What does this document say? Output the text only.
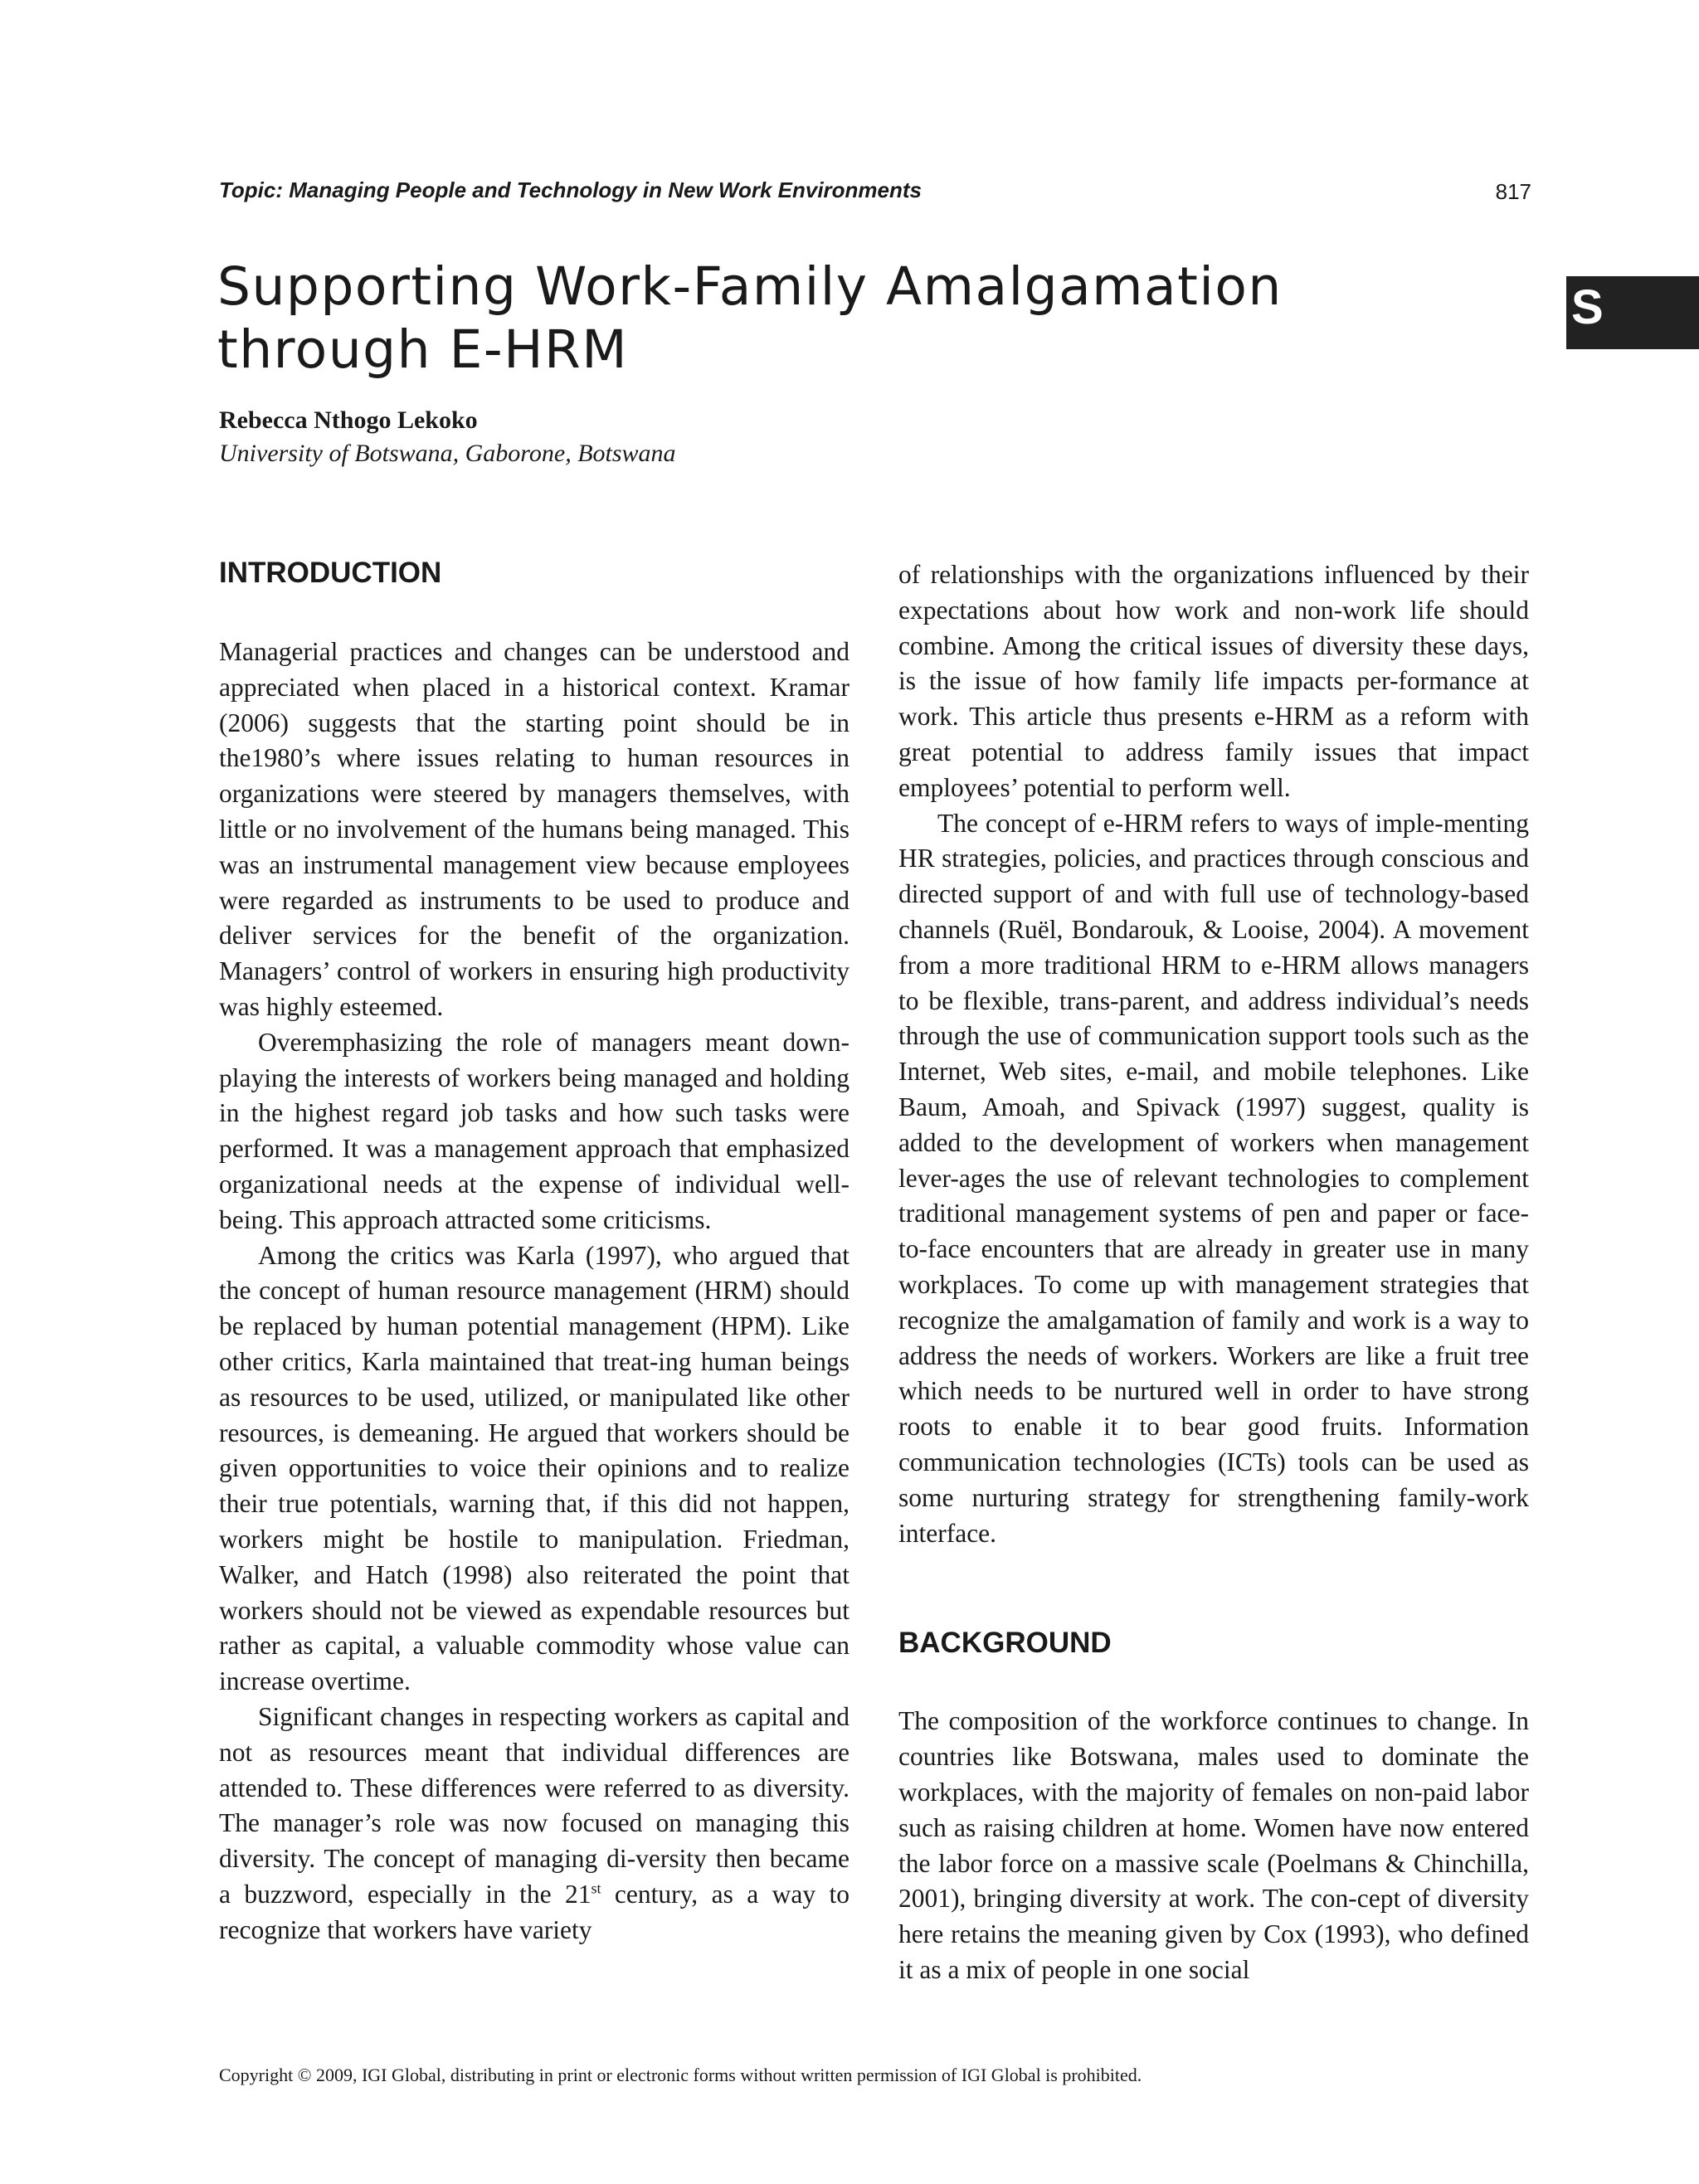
Topic: Managing People and Technology in New Work Environments	817
Supporting Work-Family Amalgamation
through E-HRM
S
Rebecca Nthogo Lekoko
University of Botswana, Gaborone, Botswana
INTRODUCTION

Managerial practices and changes can be understood and appreciated when placed in a historical context. Kramar (2006) suggests that the starting point should be in the1980’s where issues relating to human resources in organizations were steered by managers themselves, with little or no involvement of the humans being managed. This was an instrumental management view because employees were regarded as instruments to be used to produce and deliver services for the benefit of the organization. Managers’ control of workers in ensuring high productivity was highly esteemed.

Overemphasizing the role of managers meant down-playing the interests of workers being managed and holding in the highest regard job tasks and how such tasks were performed. It was a management approach that emphasized organizational needs at the expense of individual well-being. This approach attracted some criticisms.

Among the critics was Karla (1997), who argued that the concept of human resource management (HRM) should be replaced by human potential management (HPM). Like other critics, Karla maintained that treat-ing human beings as resources to be used, utilized, or manipulated like other resources, is demeaning. He argued that workers should be given opportunities to voice their opinions and to realize their true potentials, warning that, if this did not happen, workers might be hostile to manipulation. Friedman, Walker, and Hatch (1998) also reiterated the point that workers should not be viewed as expendable resources but rather as capital, a valuable commodity whose value can increase overtime.

Significant changes in respecting workers as capital and not as resources meant that individual differences are attended to. These differences were referred to as diversity. The manager’s role was now focused on managing this diversity. The concept of managing di-versity then became a buzzword, especially in the 21st century, as a way to recognize that workers have variety

of relationships with the organizations influenced by their expectations about how work and non-work life should combine. Among the critical issues of diversity these days, is the issue of how family life impacts per-formance at work. This article thus presents e-HRM as a reform with great potential to address family issues that impact employees’ potential to perform well.

The concept of e-HRM refers to ways of imple-menting HR strategies, policies, and practices through conscious and directed support of and with full use of technology-based channels (Ruël, Bondarouk, & Looise, 2004). A movement from a more traditional HRM to e-HRM allows managers to be flexible, trans-parent, and address individual’s needs through the use of communication support tools such as the Internet, Web sites, e-mail, and mobile telephones. Like Baum, Amoah, and Spivack (1997) suggest, quality is added to the development of workers when management lever-ages the use of relevant technologies to complement traditional management systems of pen and paper or face-to-face encounters that are already in greater use in many workplaces. To come up with management strategies that recognize the amalgamation of family and work is a way to address the needs of workers. Workers are like a fruit tree which needs to be nurtured well in order to have strong roots to enable it to bear good fruits. Information communication technologies (ICTs) tools can be used as some nurturing strategy for strengthening family-work interface.

BACKGROUND

The composition of the workforce continues to change. In countries like Botswana, males used to dominate the workplaces, with the majority of females on non-paid labor such as raising children at home. Women have now entered the labor force on a massive scale (Poelmans & Chinchilla, 2001), bringing diversity at work. The con-cept of diversity here retains the meaning given by Cox (1993), who defined it as a mix of people in one social

Copyright © 2009, IGI Global, distributing in print or electronic forms without written permission of IGI Global is prohibited.
